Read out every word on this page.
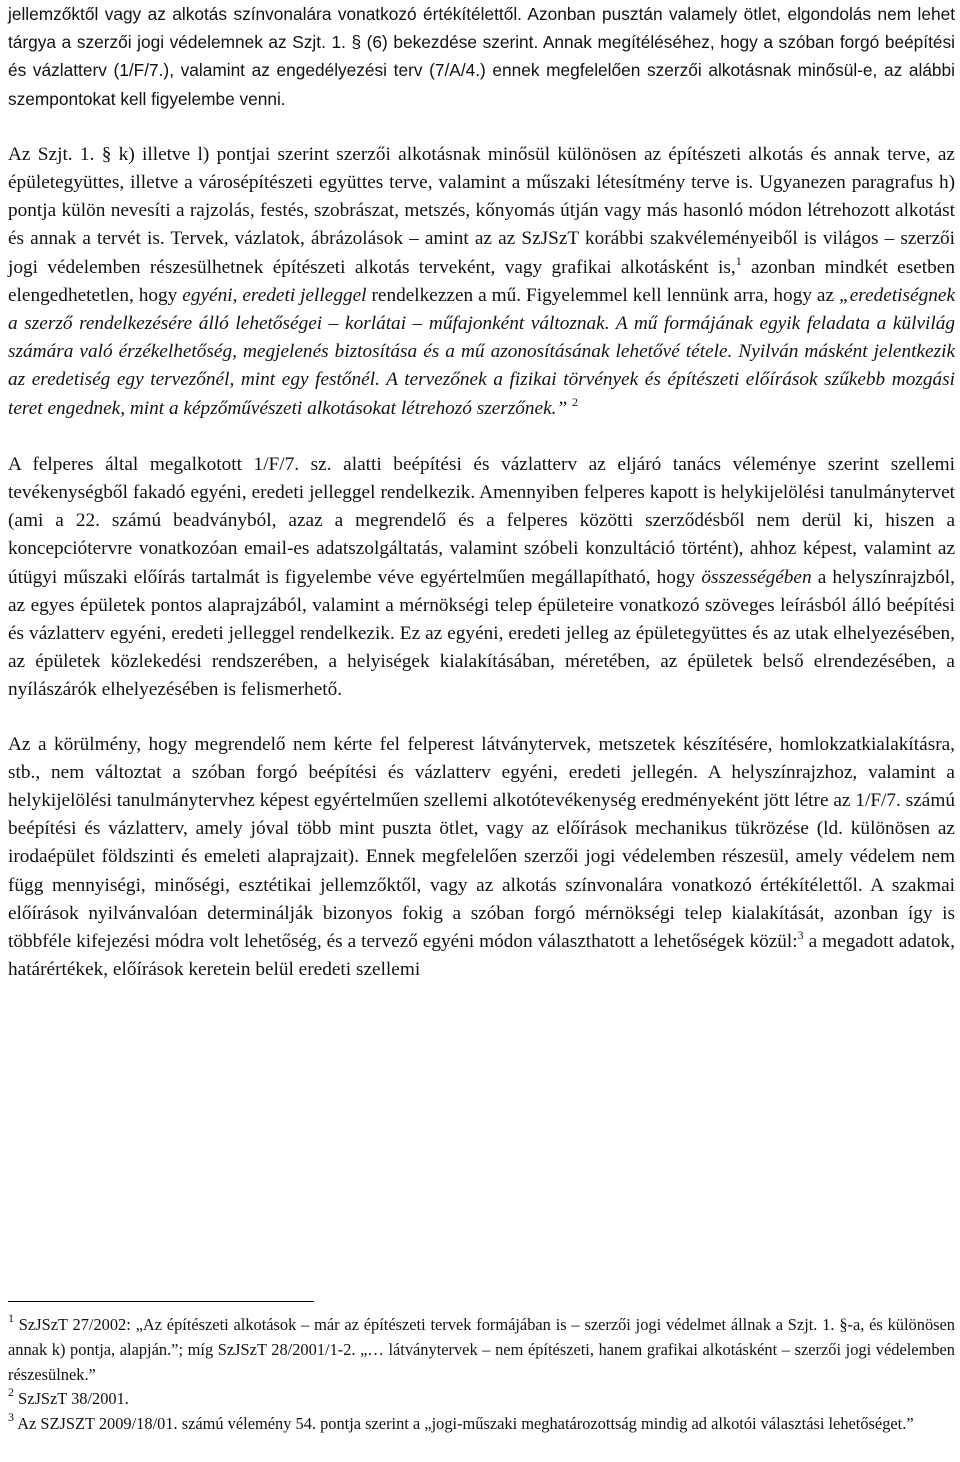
jellemzőktől vagy az alkotás színvonalára vonatkozó értékítélettől. Azonban pusztán valamely ötlet, elgondolás nem lehet tárgya a szerzői jogi védelemnek az Szjt. 1. § (6) bekezdése szerint. Annak megítéléséhez, hogy a szóban forgó beépítési és vázlatterv (1/F/7.), valamint az engedélyezési terv (7/A/4.) ennek megfelelően szerzői alkotásnak minősül-e, az alábbi szempontokat kell figyelembe venni.

Az Szjt. 1. § k) illetve l) pontjai szerint szerzői alkotásnak minősül különösen az építészeti alkotás és annak terve, az épületegyüttes, illetve a városépítészeti együttes terve, valamint a műszaki létesítmény terve is. Ugyanezen paragrafus h) pontja külön nevesíti a rajzolás, festés, szobrászat, metszés, kőnyomás útján vagy más hasonló módon létrehozott alkotást és annak a tervét is. Tervek, vázlatok, ábrázolások – amint az az SzJSzT korábbi szakvéleményeiből is világos – szerzői jogi védelemben részesülhetnek építészeti alkotás terveként, vagy grafikai alkotásként is,$^1$ azonban mindkét esetben elengedhetetlen, hogy egyéni, eredeti jelleggel rendelkezzen a mű. Figyelemmel kell lennünk arra, hogy az „eredetiségnek a szerző rendelkezésére álló lehetőségei – korlátai – műfajonként változnak. A mű formájának egyik feladata a külvilág számára való érzékelhetőség, megjelenés biztosítása és a mű azonosításának lehetővé tétele. Nyilván másként jelentkezik az eredetiség egy tervezőnél, mint egy festőnél. A tervezőnek a fizikai törvények és építészeti előírások szűkebb mozgási teret engednek, mint a képzőművészeti alkotásokat létrehozó szerzőnek.” $^2$

A felperes által megalkotott 1/F/7. sz. alatti beépítési és vázlatterv az eljáró tanács véleménye szerint szellemi tevékenységből fakadó egyéni, eredeti jelleggel rendelkezik. Amennyiben felperes kapott is helykijelölési tanulmánytervet (ami a 22. számú beadványból, azaz a megrendelő és a felperes közötti szerződésből nem derül ki, hiszen a koncepciótervre vonatkozóan email-es adatszolgáltatás, valamint szóbeli konzultáció történt), ahhoz képest, valamint az útügyi műszaki előírás tartalmát is figyelembe véve egyértelműen megállapítható, hogy összességében a helyszínrajzból, az egyes épületek pontos alaprajzából, valamint a mérnökségi telep épületeire vonatkozó szöveges leírásból álló beépítési és vázlatterv egyéni, eredeti jelleggel rendelkezik. Ez az egyéni, eredeti jelleg az épületegyüttes és az utak elhelyezésében, az épületek közlekedési rendszerében, a helyiségek kialakításában, méretében, az épületek belső elrendezésében, a nyílászárók elhelyezésében is felismerhető.

Az a körülmény, hogy megrendelő nem kérte fel felperest látványtervek, metszetek készítésére, homlokzatkialakításra, stb., nem változtat a szóban forgó beépítési és vázlatterv egyéni, eredeti jellegén. A helyszínrajzhoz, valamint a helykijelölési tanulmánytervhez képest egyértelműen szellemi alkotótevékenység eredményeként jött létre az 1/F/7. számú beépítési és vázlatterv, amely jóval több mint puszta ötlet, vagy az előírások mechanikus tükrözése (ld. különösen az irodaépület földszinti és emeleti alaprajzait). Ennek megfelelően szerzői jogi védelemben részesül, amely védelem nem függ mennyiségi, minőségi, esztétikai jellemzőktől, vagy az alkotás színvonalára vonatkozó értékítélettől. A szakmai előírások nyilvánvalóan determinálják bizonyos fokig a szóban forgó mérnökségi telep kialakítását, azonban így is többféle kifejezési módra volt lehetőség, és a tervező egyéni módon választhatott a lehetőségek közül:$^3$ a megadott adatok, határértékek, előírások keretein belül eredeti szellemi

$^1$ SzJSzT 27/2002: „Az építészeti alkotások – már az építészeti tervek formájában is – szerzői jogi védelmet állnak a Szjt. 1. §-a, és különösen annak k) pontja, alapján.”; míg SzJSzT 28/2001/1-2. „… látványtervek – nem építészeti, hanem grafikai alkotásként – szerzői jogi védelemben részesülnek.”

$^2$ SzJSzT 38/2001.

$^3$ Az SZJSZT 2009/18/01. számú vélemény 54. pontja szerint a „jogi-műszaki meghatározottság mindig ad alkotói választási lehetőséget.”
